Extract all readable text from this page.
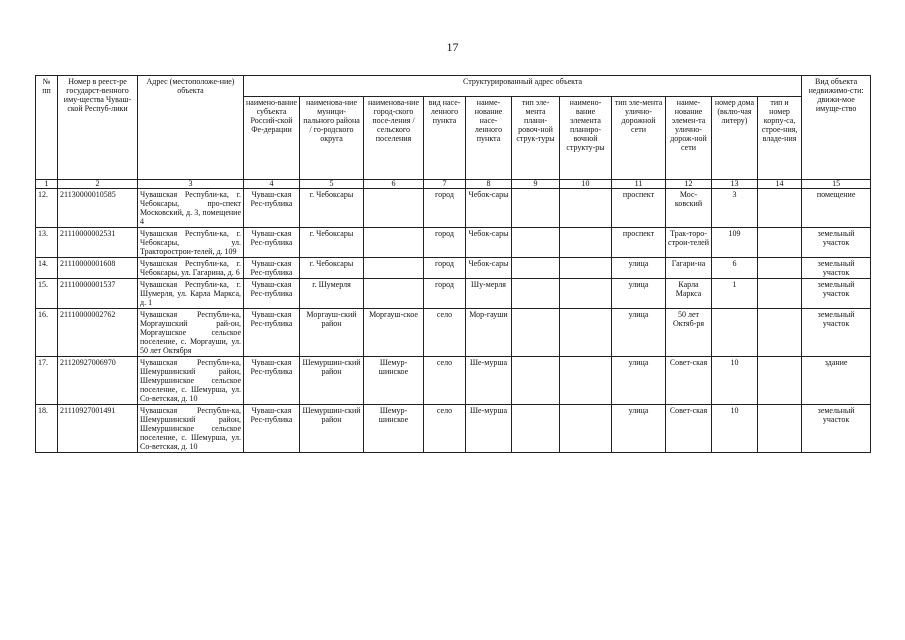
17
№ пп	Номер в реест-ре государст-венного иму-щества Чуваш-ской Респуб-лики	Адрес (местоположе-ние) объекта	Структурированный адрес объекта											Вид объекта недвижимо-сти: движи-мое имуще-ство
			наимено-вание субъекта Россий-ской Фе-дерации	наименова-ние муници-пального района / го-родского округа	наименова-ние город-ского посе-ления / сельского поселения	вид насе-ленного пункта	наиме-нование насе-ленного пункта	тип эле-мента плани-ровоч-ной струк-туры	наимено-вание элемента планиро-вочной структу-ры	тип эле-мента улично-дорожной сети	наиме-нование элемен-та улично-дорож-ной сети	номер дома (вклю-чая литеру)	тип и номер корпу-са, строе-ния, владе-ния	
1	2	3	4	5	6	7	8	9	10	11	12	13	14	15
12.	21130000010585	Чувашская Республи-ка, г. Чебоксары, про-спект Московский, д. 3, помещение 4	Чуваш-ская Рес-публика	г. Чебоксары		город	Чебок-сары			проспект	Мос-ковский	3		помещение
13.	21110000002531	Чувашская Республи-ка, г. Чебоксары, ул. Тракторострои-телей, д. 109	Чуваш-ская Рес-публика	г. Чебоксары		город	Чебок-сары			проспект	Трак-торо-строи-телей	109		земельный участок
14.	21110000001608	Чувашская Республи-ка, г. Чебоксары, ул. Гагарина, д. 6	Чуваш-ская Рес-публика	г. Чебоксары		город	Чебок-сары			улица	Гагари-на	6		земельный участок
15.	21110000001537	Чувашская Республи-ка, г. Шумерля, ул. Карла Маркса, д. 1	Чуваш-ская Рес-публика	г. Шумерля		город	Шу-мерля			улица	Карла Маркса	1		земельный участок
16.	21110000002762	Чувашская Республи-ка, Моргаушский рай-он, Моргаушское сельское поселение, с. Моргауши, ул. 50 лет Октября	Чуваш-ская Рес-публика	Моргауш-ский район	Моргауш-ское	село	Мор-гауши			улица	50 лет Октяб-ря			земельный участок
17.	21120927006970	Чувашская Республи-ка, Шемуршинский район, Шемуршинское сельское поселение, с. Шемурша, ул. Со-ветская, д. 10	Чуваш-ская Рес-публика	Шемуршин-ский район	Шемур-шинское	село	Ше-мурша			улица	Совет-ская	10		здание
18.	21110927001491	Чувашская Республи-ка, Шемуршинский район, Шемуршинское сельское поселение, с. Шемурша, ул. Со-ветская, д. 10	Чуваш-ская Рес-публика	Шемуршин-ский район	Шемур-шинское	село	Ше-мурша			улица	Совет-ская	10		земельный участок
